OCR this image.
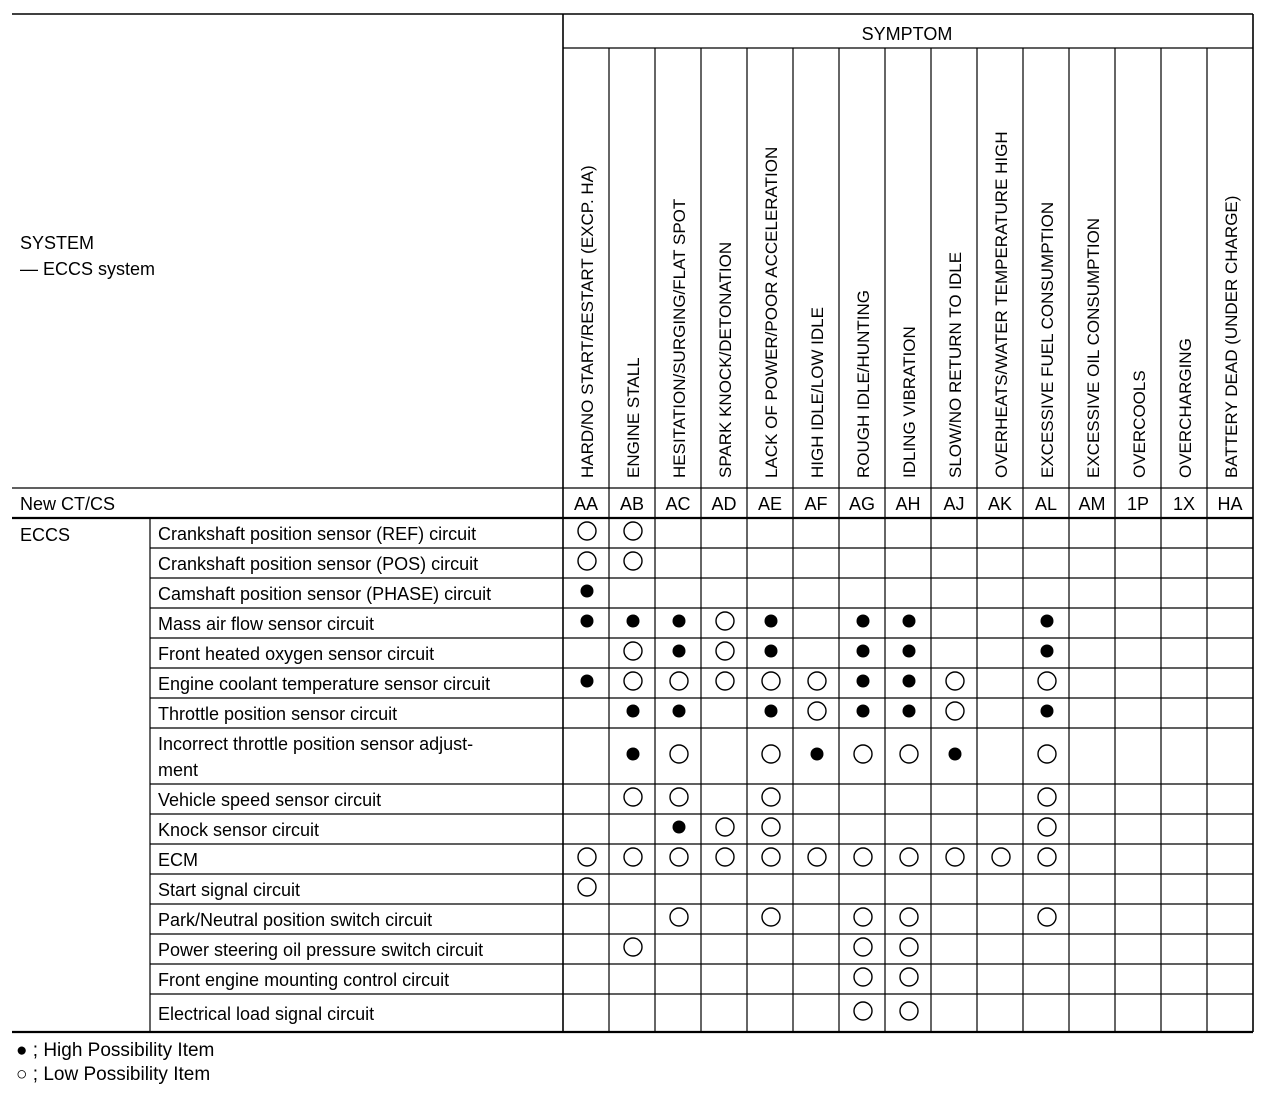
SYSTEM
— ECCS system
SYMPTOM
New CT/CS
ECCS
HARD/NO START/RESTART (EXCP. HA) ENGINE STALL HESITATION/SURGING/FLAT SPOT SPARK KNOCK/DETONATION LACK OF POWER/POOR ACCELERATION HIGH IDLE/LOW IDLE ROUGH IDLE/HUNTING IDLING VIBRATION SLOW/NO RETURN TO IDLE OVERHEATS/WATER TEMPERATURE HIGH EXCESSIVE FUEL CONSUMPTION EXCESSIVE OIL CONSUMPTION OVERCOOLS OVERCHARGING BATTERY DEAD (UNDER CHARGE)
AA AB AC AD AE AF AG AH AJ AK AL AM 1P 1X HA
Crankshaft position sensor (REF) circuit
Crankshaft position sensor (POS) circuit
Camshaft position sensor (PHASE) circuit
Mass air flow sensor circuit
Front heated oxygen sensor circuit
Engine coolant temperature sensor circuit
Throttle position sensor circuit
Incorrect throttle position sensor adjust-
ment
Vehicle speed sensor circuit
Knock sensor circuit
ECM
Start signal circuit
Park/Neutral position switch circuit
Power steering oil pressure switch circuit
Front engine mounting control circuit
Electrical load signal circuit
● ; High Possibility Item
○ ; Low Possibility Item
